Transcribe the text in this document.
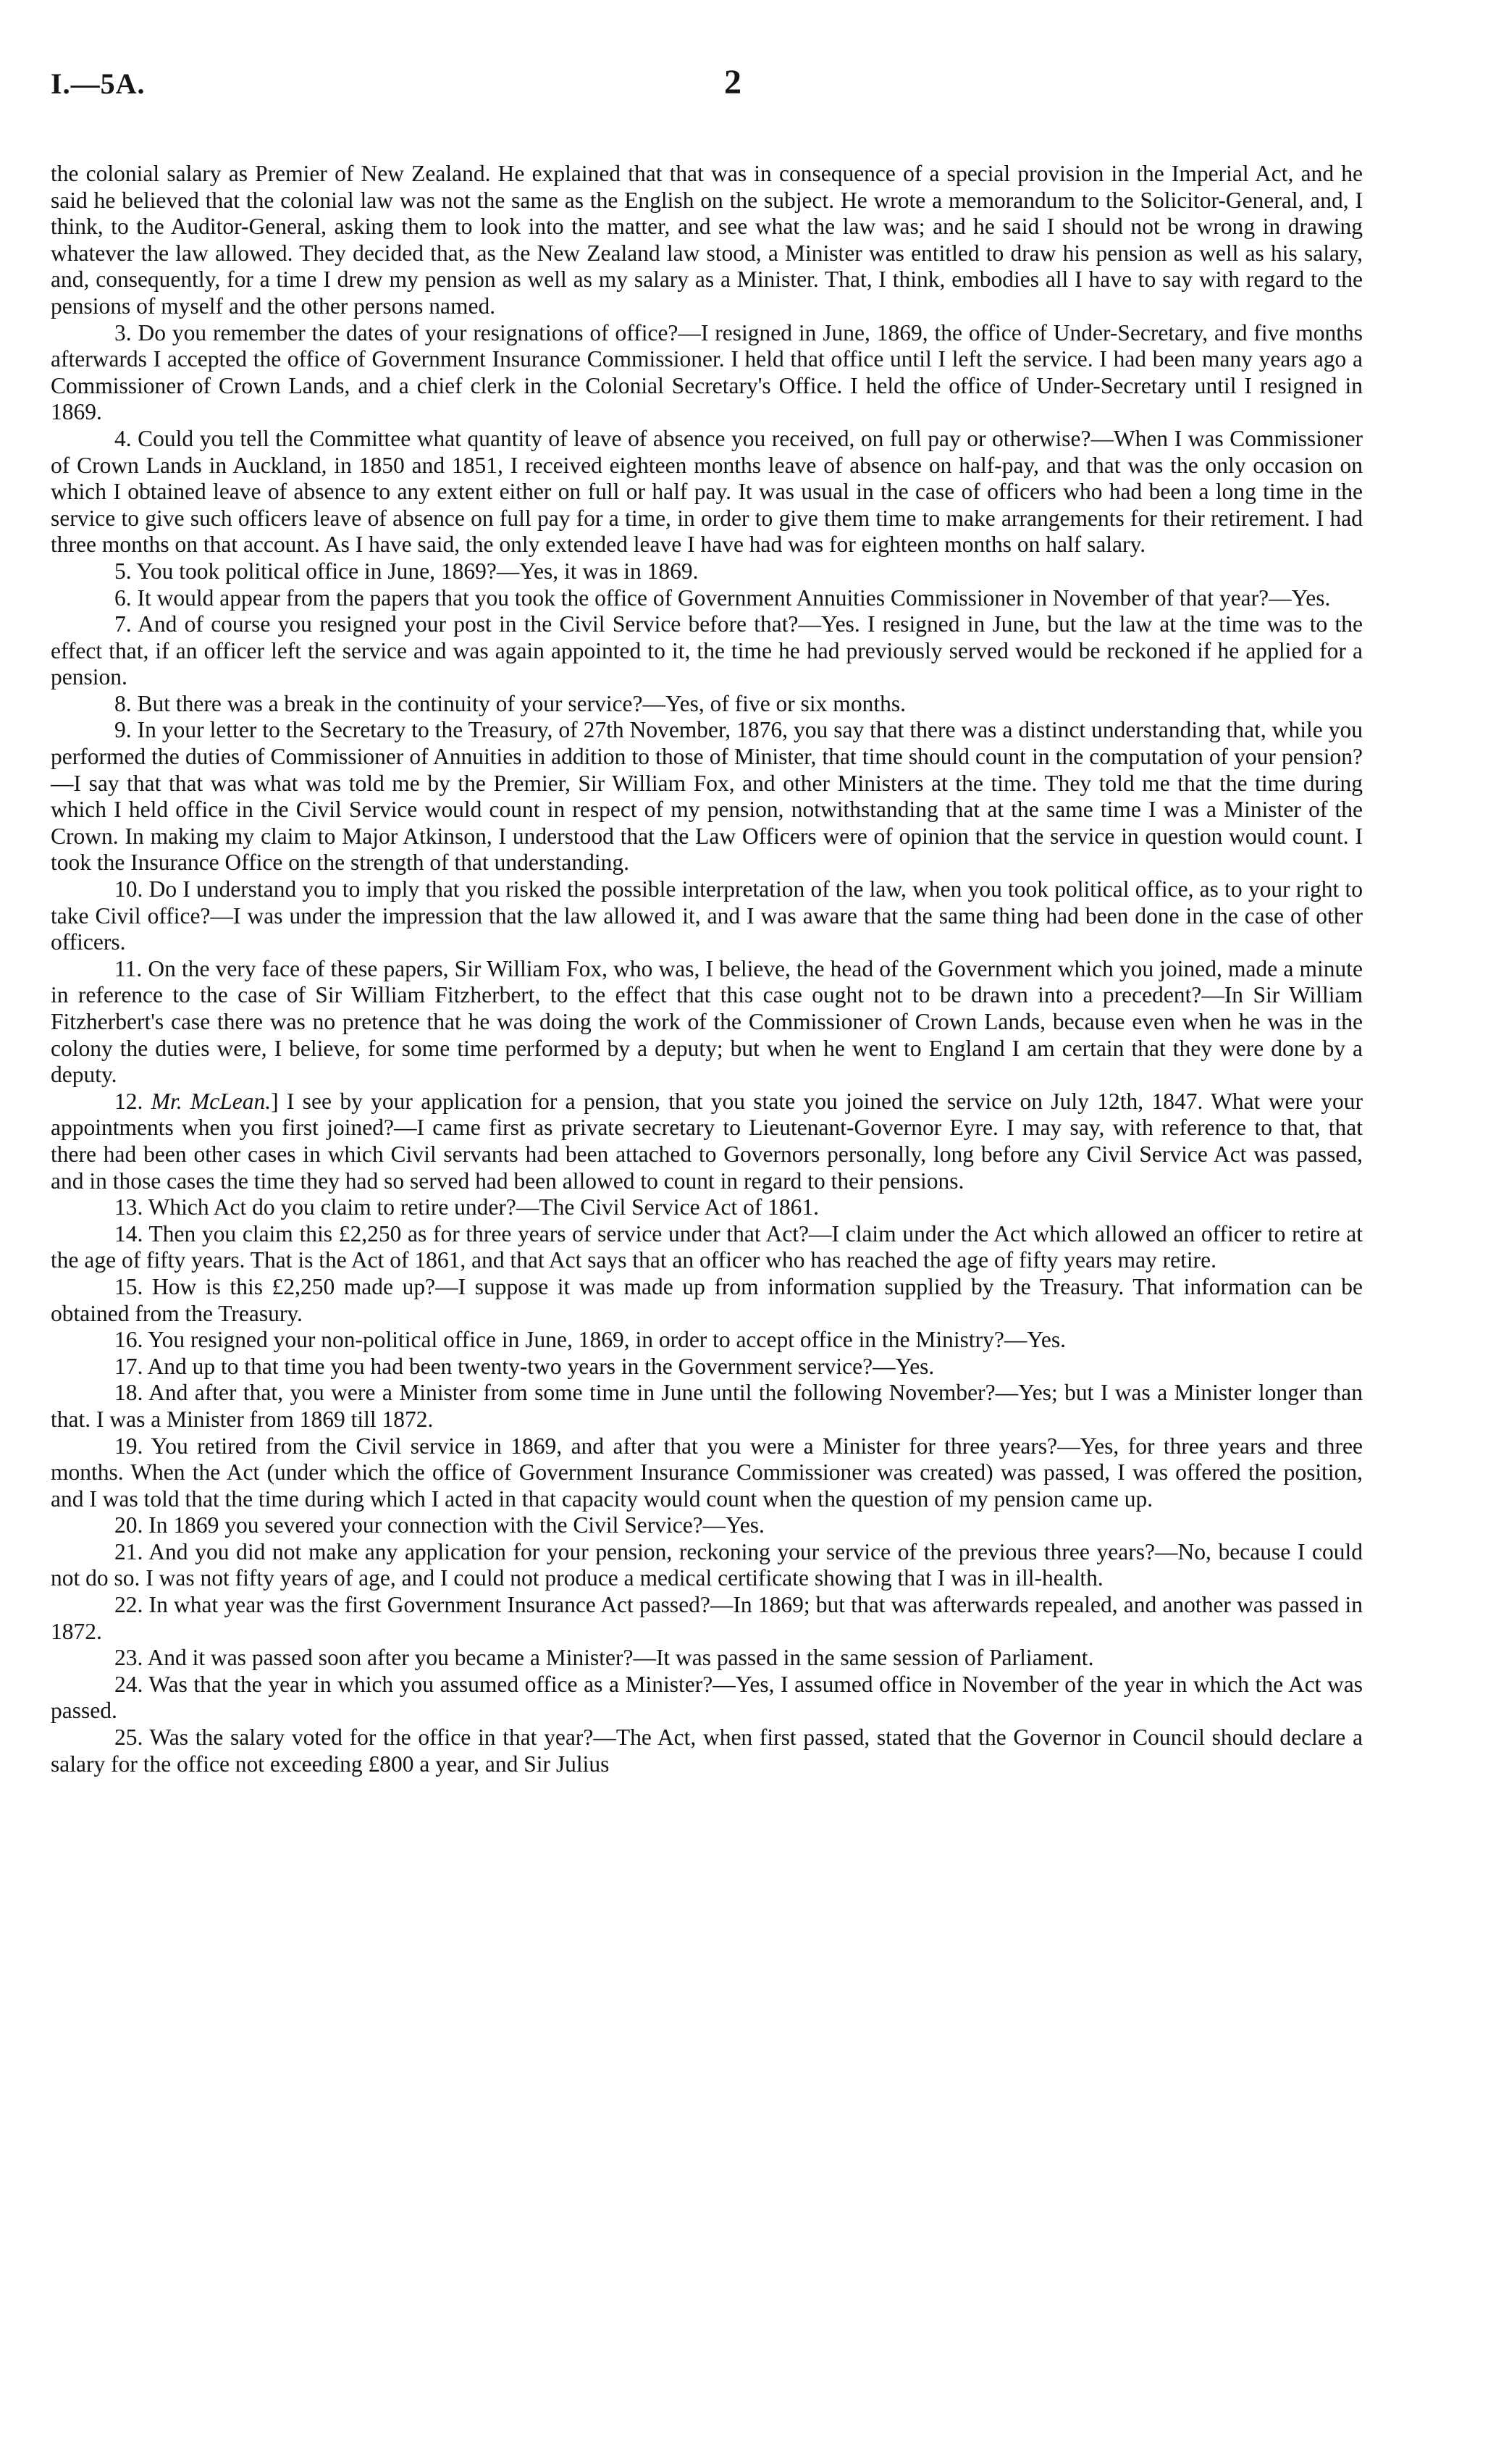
I.—5A.	2

the colonial salary as Premier of New Zealand. He explained that that was in consequence of a special provision in the Imperial Act, and he said he believed that the colonial law was not the same as the English on the subject. He wrote a memorandum to the Solicitor-General, and, I think, to the Auditor-General, asking them to look into the matter, and see what the law was; and he said I should not be wrong in drawing whatever the law allowed. They decided that, as the New Zealand law stood, a Minister was entitled to draw his pension as well as his salary, and, consequently, for a time I drew my pension as well as my salary as a Minister. That, I think, embodies all I have to say with regard to the pensions of myself and the other persons named.

3. Do you remember the dates of your resignations of office?—I resigned in June, 1869, the office of Under-Secretary, and five months afterwards I accepted the office of Government Insurance Commissioner. I held that office until I left the service. I had been many years ago a Commissioner of Crown Lands, and a chief clerk in the Colonial Secretary's Office. I held the office of Under-Secretary until I resigned in 1869.

4. Could you tell the Committee what quantity of leave of absence you received, on full pay or otherwise?—When I was Commissioner of Crown Lands in Auckland, in 1850 and 1851, I received eighteen months leave of absence on half-pay, and that was the only occasion on which I obtained leave of absence to any extent either on full or half pay. It was usual in the case of officers who had been a long time in the service to give such officers leave of absence on full pay for a time, in order to give them time to make arrangements for their retirement. I had three months on that account. As I have said, the only extended leave I have had was for eighteen months on half salary.

5. You took political office in June, 1869?—Yes, it was in 1869.

6. It would appear from the papers that you took the office of Government Annuities Commissioner in November of that year?—Yes.

7. And of course you resigned your post in the Civil Service before that?—Yes. I resigned in June, but the law at the time was to the effect that, if an officer left the service and was again appointed to it, the time he had previously served would be reckoned if he applied for a pension.

8. But there was a break in the continuity of your service?—Yes, of five or six months.

9. In your letter to the Secretary to the Treasury, of 27th November, 1876, you say that there was a distinct understanding that, while you performed the duties of Commissioner of Annuities in addition to those of Minister, that time should count in the computation of your pension?—I say that that was what was told me by the Premier, Sir William Fox, and other Ministers at the time. They told me that the time during which I held office in the Civil Service would count in respect of my pension, notwithstanding that at the same time I was a Minister of the Crown. In making my claim to Major Atkinson, I understood that the Law Officers were of opinion that the service in question would count. I took the Insurance Office on the strength of that understanding.

10. Do I understand you to imply that you risked the possible interpretation of the law, when you took political office, as to your right to take Civil office?—I was under the impression that the law allowed it, and I was aware that the same thing had been done in the case of other officers.

11. On the very face of these papers, Sir William Fox, who was, I believe, the head of the Government which you joined, made a minute in reference to the case of Sir William Fitzherbert, to the effect that this case ought not to be drawn into a precedent?—In Sir William Fitzherbert's case there was no pretence that he was doing the work of the Commissioner of Crown Lands, because even when he was in the colony the duties were, I believe, for some time performed by a deputy; but when he went to England I am certain that they were done by a deputy.

12. Mr. McLean.] I see by your application for a pension, that you state you joined the service on July 12th, 1847. What were your appointments when you first joined?—I came first as private secretary to Lieutenant-Governor Eyre. I may say, with reference to that, that there had been other cases in which Civil servants had been attached to Governors personally, long before any Civil Service Act was passed, and in those cases the time they had so served had been allowed to count in regard to their pensions.

13. Which Act do you claim to retire under?—The Civil Service Act of 1861.

14. Then you claim this £2,250 as for three years of service under that Act?—I claim under the Act which allowed an officer to retire at the age of fifty years. That is the Act of 1861, and that Act says that an officer who has reached the age of fifty years may retire.

15. How is this £2,250 made up?—I suppose it was made up from information supplied by the Treasury. That information can be obtained from the Treasury.

16. You resigned your non-political office in June, 1869, in order to accept office in the Ministry?—Yes.

17. And up to that time you had been twenty-two years in the Government service?—Yes.

18. And after that, you were a Minister from some time in June until the following November?—Yes; but I was a Minister longer than that. I was a Minister from 1869 till 1872.

19. You retired from the Civil service in 1869, and after that you were a Minister for three years?—Yes, for three years and three months. When the Act (under which the office of Government Insurance Commissioner was created) was passed, I was offered the position, and I was told that the time during which I acted in that capacity would count when the question of my pension came up.

20. In 1869 you severed your connection with the Civil Service?—Yes.

21. And you did not make any application for your pension, reckoning your service of the previous three years?—No, because I could not do so. I was not fifty years of age, and I could not produce a medical certificate showing that I was in ill-health.

22. In what year was the first Government Insurance Act passed?—In 1869; but that was afterwards repealed, and another was passed in 1872.

23. And it was passed soon after you became a Minister?—It was passed in the same session of Parliament.

24. Was that the year in which you assumed office as a Minister?—Yes, I assumed office in November of the year in which the Act was passed.

25. Was the salary voted for the office in that year?—The Act, when first passed, stated that the Governor in Council should declare a salary for the office not exceeding £800 a year, and Sir Julius
